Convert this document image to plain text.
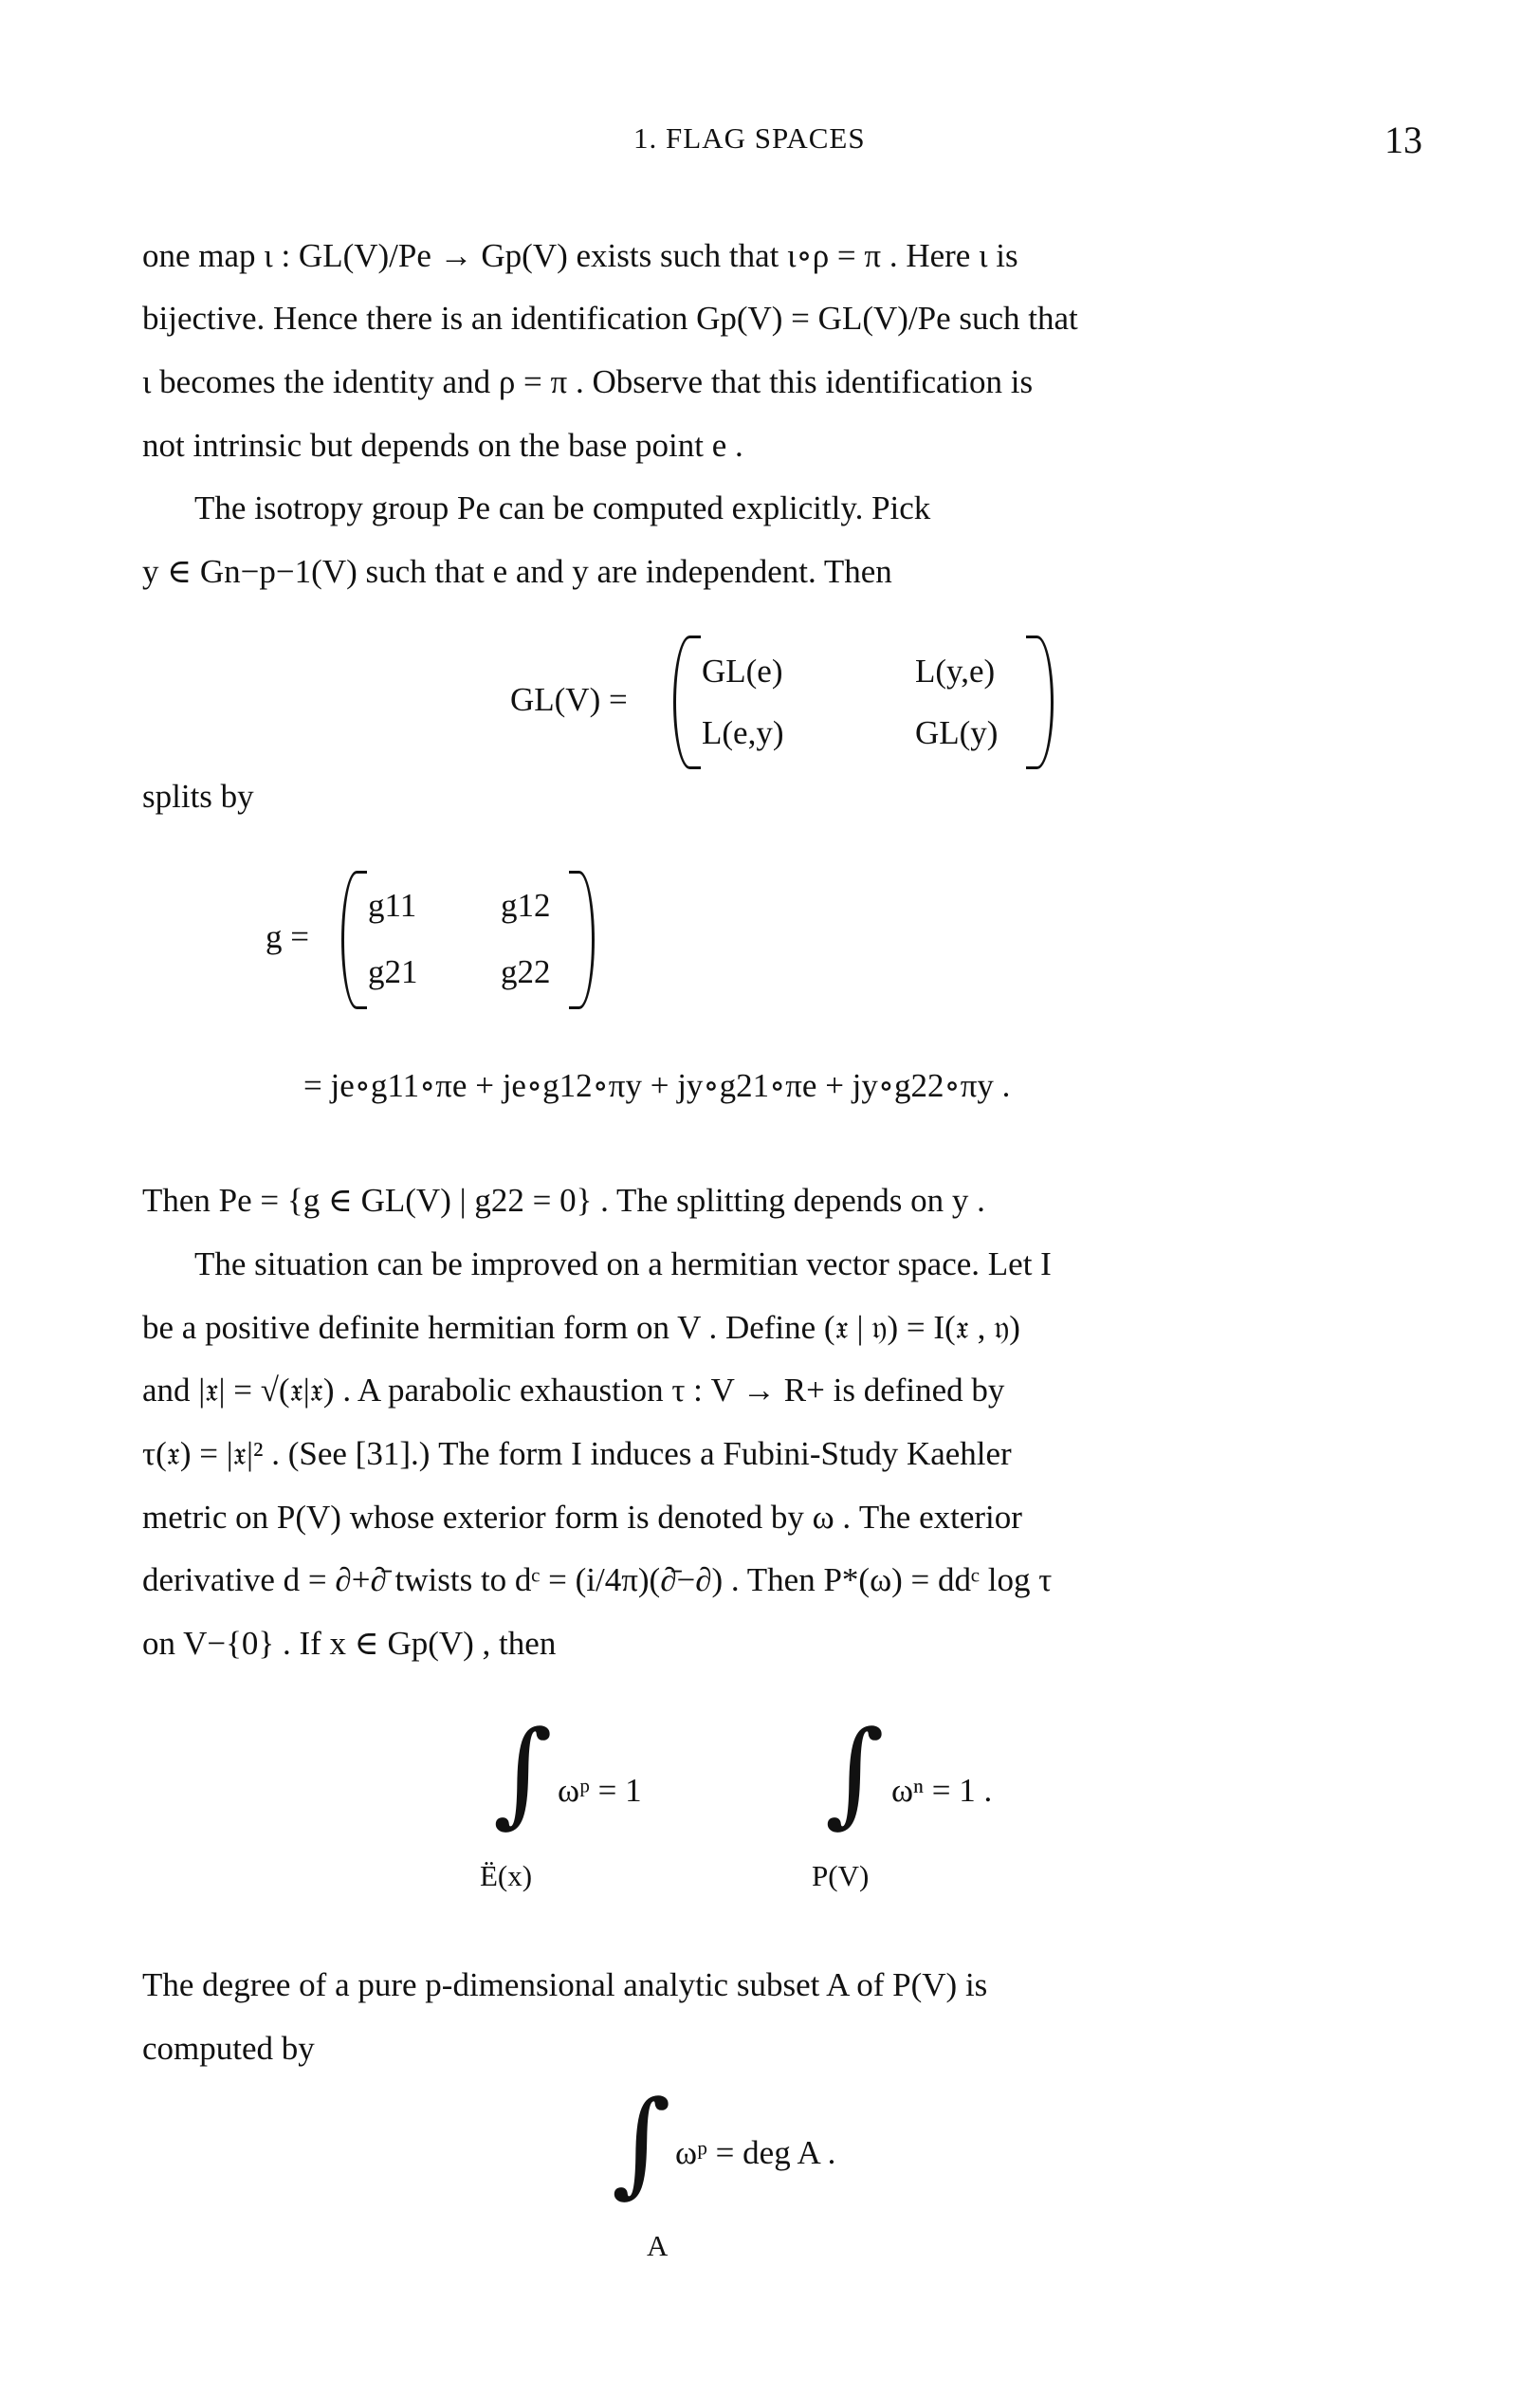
1. FLAG SPACES	13
one map ι : GL(V)/Pe → Gp(V) exists such that ι∘ρ = π . Here ι is
bijective. Hence there is an identification Gp(V) = GL(V)/Pe such that
ι becomes the identity and ρ = π . Observe that this identification is
not intrinsic but depends on the base point e .
The isotropy group Pe can be computed explicitly. Pick
y ∈ Gn−p−1(V) such that e and y are independent. Then
GL(V) =
GL(e)	L(y,e)
L(e,y)	GL(y)
splits by
g =
g11	g12
g21	g22
= je∘g11∘πe + je∘g12∘πy + jy∘g21∘πe + jy∘g22∘πy .
Then Pe = {g ∈ GL(V) | g22 = 0} . The splitting depends on y .
The situation can be improved on a hermitian vector space. Let I
be a positive definite hermitian form on V . Define (𝔵 | 𝔶) = I(𝔵 , 𝔶)
and |𝔵| = √(𝔵|𝔵) . A parabolic exhaustion τ : V → R+ is defined by
τ(𝔵) = |𝔵|² . (See [31].) The form I induces a Fubini-Study Kaehler
metric on P(V) whose exterior form is denoted by ω . The exterior
derivative d = ∂+∂̄ twists to dᶜ = (i/4π)(∂̄−∂) . Then P*(ω) = ddᶜ log τ
on V−{0} . If x ∈ Gp(V) , then
∫ ωᵖ = 1
Ë(x)
∫ ωⁿ = 1 .
P(V)
The degree of a pure p-dimensional analytic subset A of P(V) is
computed by
∫ ωᵖ = deg A .
A
